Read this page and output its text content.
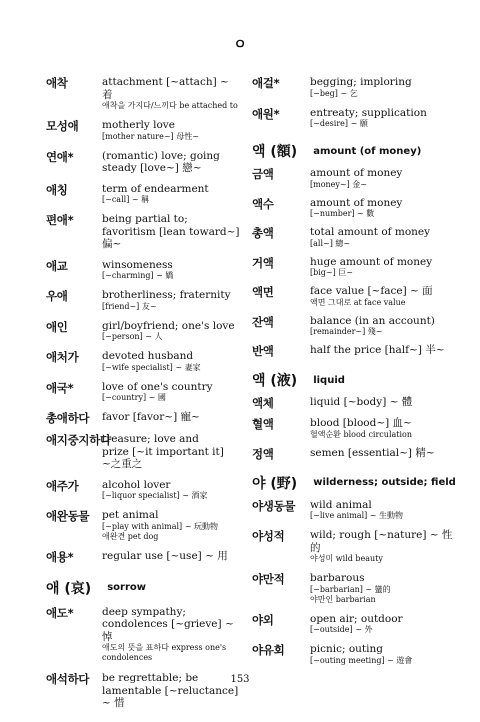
ㅇ
애착	attachment [~attach] ~ 着
애착을 가지다/느끼다 be attached to
모성애	motherly love
[mother nature~] 母性~
연애*	(romantic) love; going
steady [love~] 戀~
애칭	term of endearment
[~call] ~ 稱
편애*	being partial to;
favoritism [lean toward~] 偏~
애교	winsomeness
[~charming] ~ 嬌
우애	brotherliness; fraternity
[friend~] 友~
애인	girl/boyfriend; one's love
[~person] ~ 人
애처가	devoted husband
[~wife specialist] ~ 妻家
애국*	love of one's country
[~country] ~ 國
총애하다	favor [favor~] 寵~
애지중지하다
treasure; love and
prize [~it important it]
~之重之
애주가	alcohol lover
[~liquor specialist] ~ 酒家
애완동물	pet animal
[~play with animal] ~ 玩動物
애완견 pet dog
애용*	regular use [~use] ~ 用
애 (哀) sorrow
애도*	deep sympathy;
condolences [~grieve] ~ 悼
애도의 뜻을 표하다 express one's condolences
애석하다	be regrettable; be
lamentable [~reluctance] ~ 惜
애걸*	begging; imploring
[~beg] ~ 乞
애원*	entreaty; supplication
[~desire] ~ 願
액 (額) amount (of money)
금액	amount of money
[money~] 金~
액수	amount of money
[~number] ~ 數
총액	total amount of money
[all~] 總~
거액	huge amount of money
[big~] 巨~
액면	face value [~face] ~ 面
액면 그대로 at face value
잔액	balance (in an account)
[remainder~] 殘~
반액	half the price [half~] 半~
액 (液) liquid
액체	liquid [~body] ~ 體
혈액	blood [blood~] 血~
혈액순환 blood circulation
정액	semen [essential~] 精~
야 (野) wilderness; outside; field
야생동물	wild animal
[~live animal] ~ 生動物
야성적	wild; rough [~nature] ~ 性的
야성미 wild beauty
야만적	barbarous
[~barbarian] ~ 蠻的
야만인 barbarian
야외	open air; outdoor
[~outside] ~ 外
야유회	picnic; outing
[~outing meeting] ~ 遊會
153
